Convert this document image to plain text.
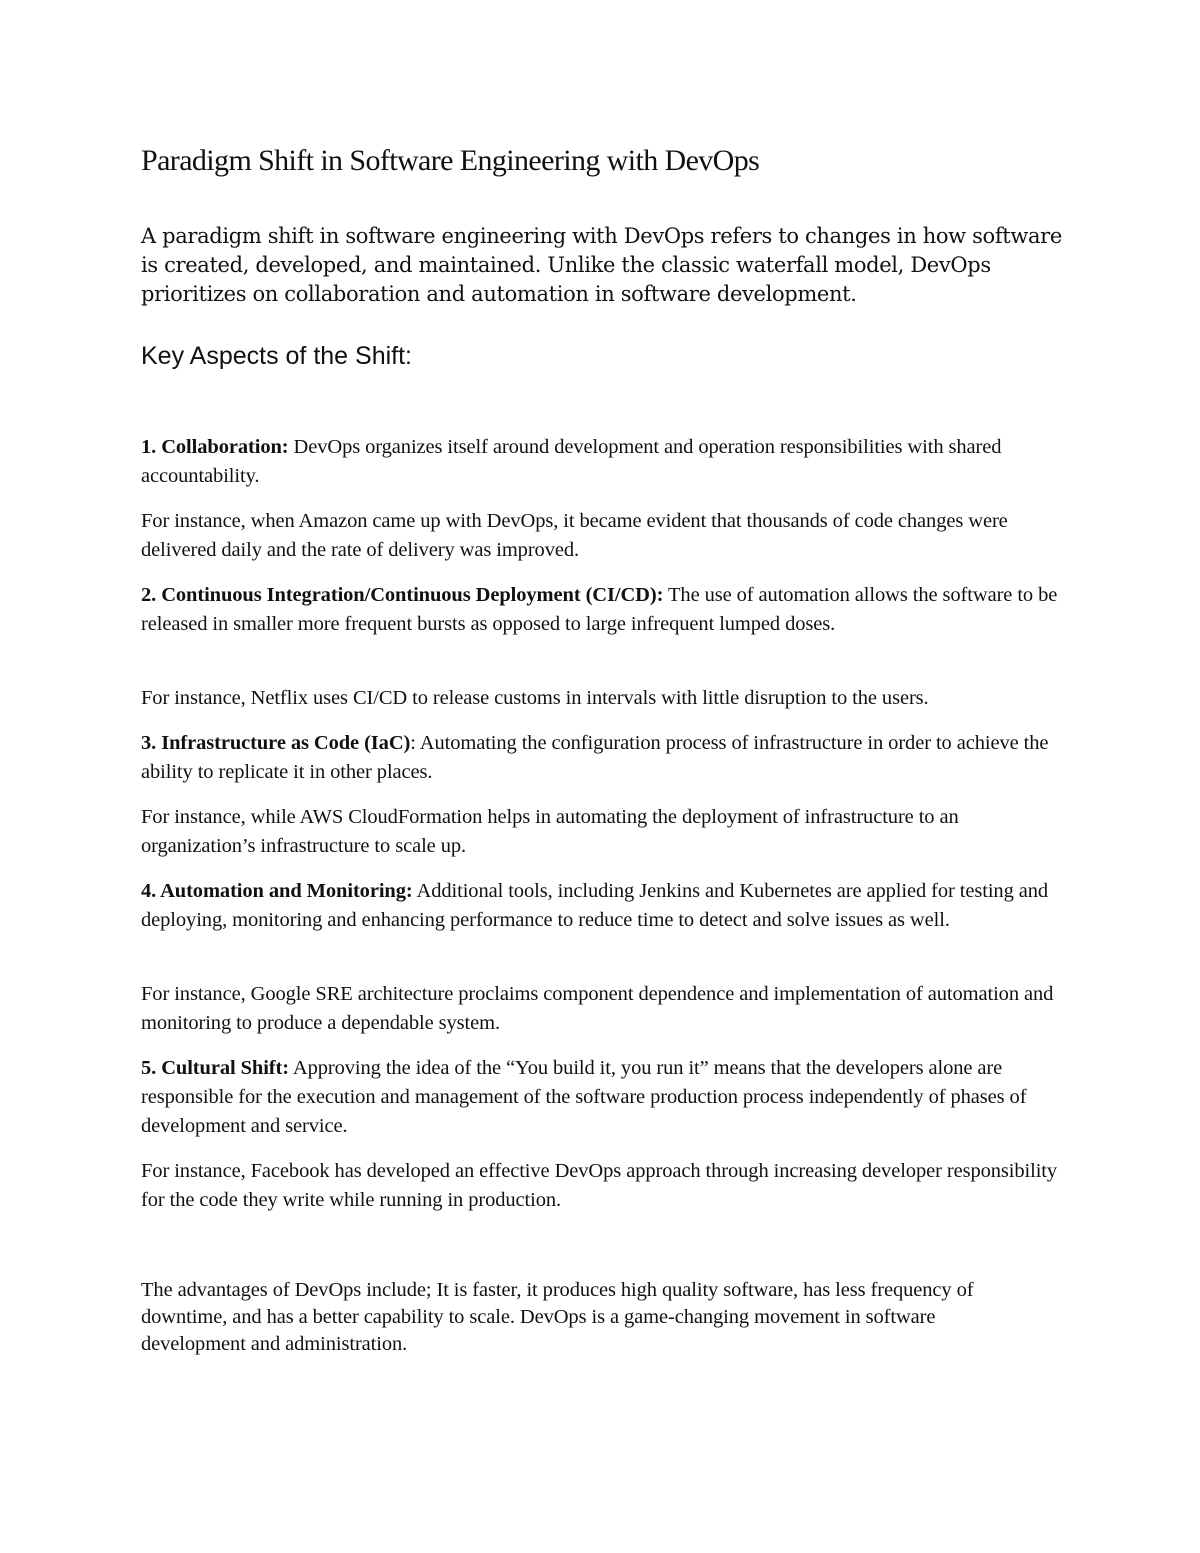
Paradigm Shift in Software Engineering with DevOps

A paradigm shift in software engineering with DevOps refers to changes in how software is created, developed, and maintained. Unlike the classic waterfall model, DevOps prioritizes on collaboration and automation in software development.

Key Aspects of the Shift:

1. Collaboration: DevOps organizes itself around development and operation responsibilities with shared accountability.

For instance, when Amazon came up with DevOps, it became evident that thousands of code changes were delivered daily and the rate of delivery was improved.

2. Continuous Integration/Continuous Deployment (CI/CD): The use of automation allows the software to be released in smaller more frequent bursts as opposed to large infrequent lumped doses.

For instance, Netflix uses CI/CD to release customs in intervals with little disruption to the users.

3. Infrastructure as Code (IaC): Automating the configuration process of infrastructure in order to achieve the ability to replicate it in other places.

For instance, while AWS CloudFormation helps in automating the deployment of infrastructure to an organization’s infrastructure to scale up.

4. Automation and Monitoring: Additional tools, including Jenkins and Kubernetes are applied for testing and deploying, monitoring and enhancing performance to reduce time to detect and solve issues as well.

For instance, Google SRE architecture proclaims component dependence and implementation of automation and monitoring to produce a dependable system.

5. Cultural Shift: Approving the idea of the “You build it, you run it” means that the developers alone are responsible for the execution and management of the software production process independently of phases of development and service.

For instance, Facebook has developed an effective DevOps approach through increasing developer responsibility for the code they write while running in production.

The advantages of DevOps include; It is faster, it produces high quality software, has less frequency of downtime, and has a better capability to scale. DevOps is a game-changing movement in software development and administration.
